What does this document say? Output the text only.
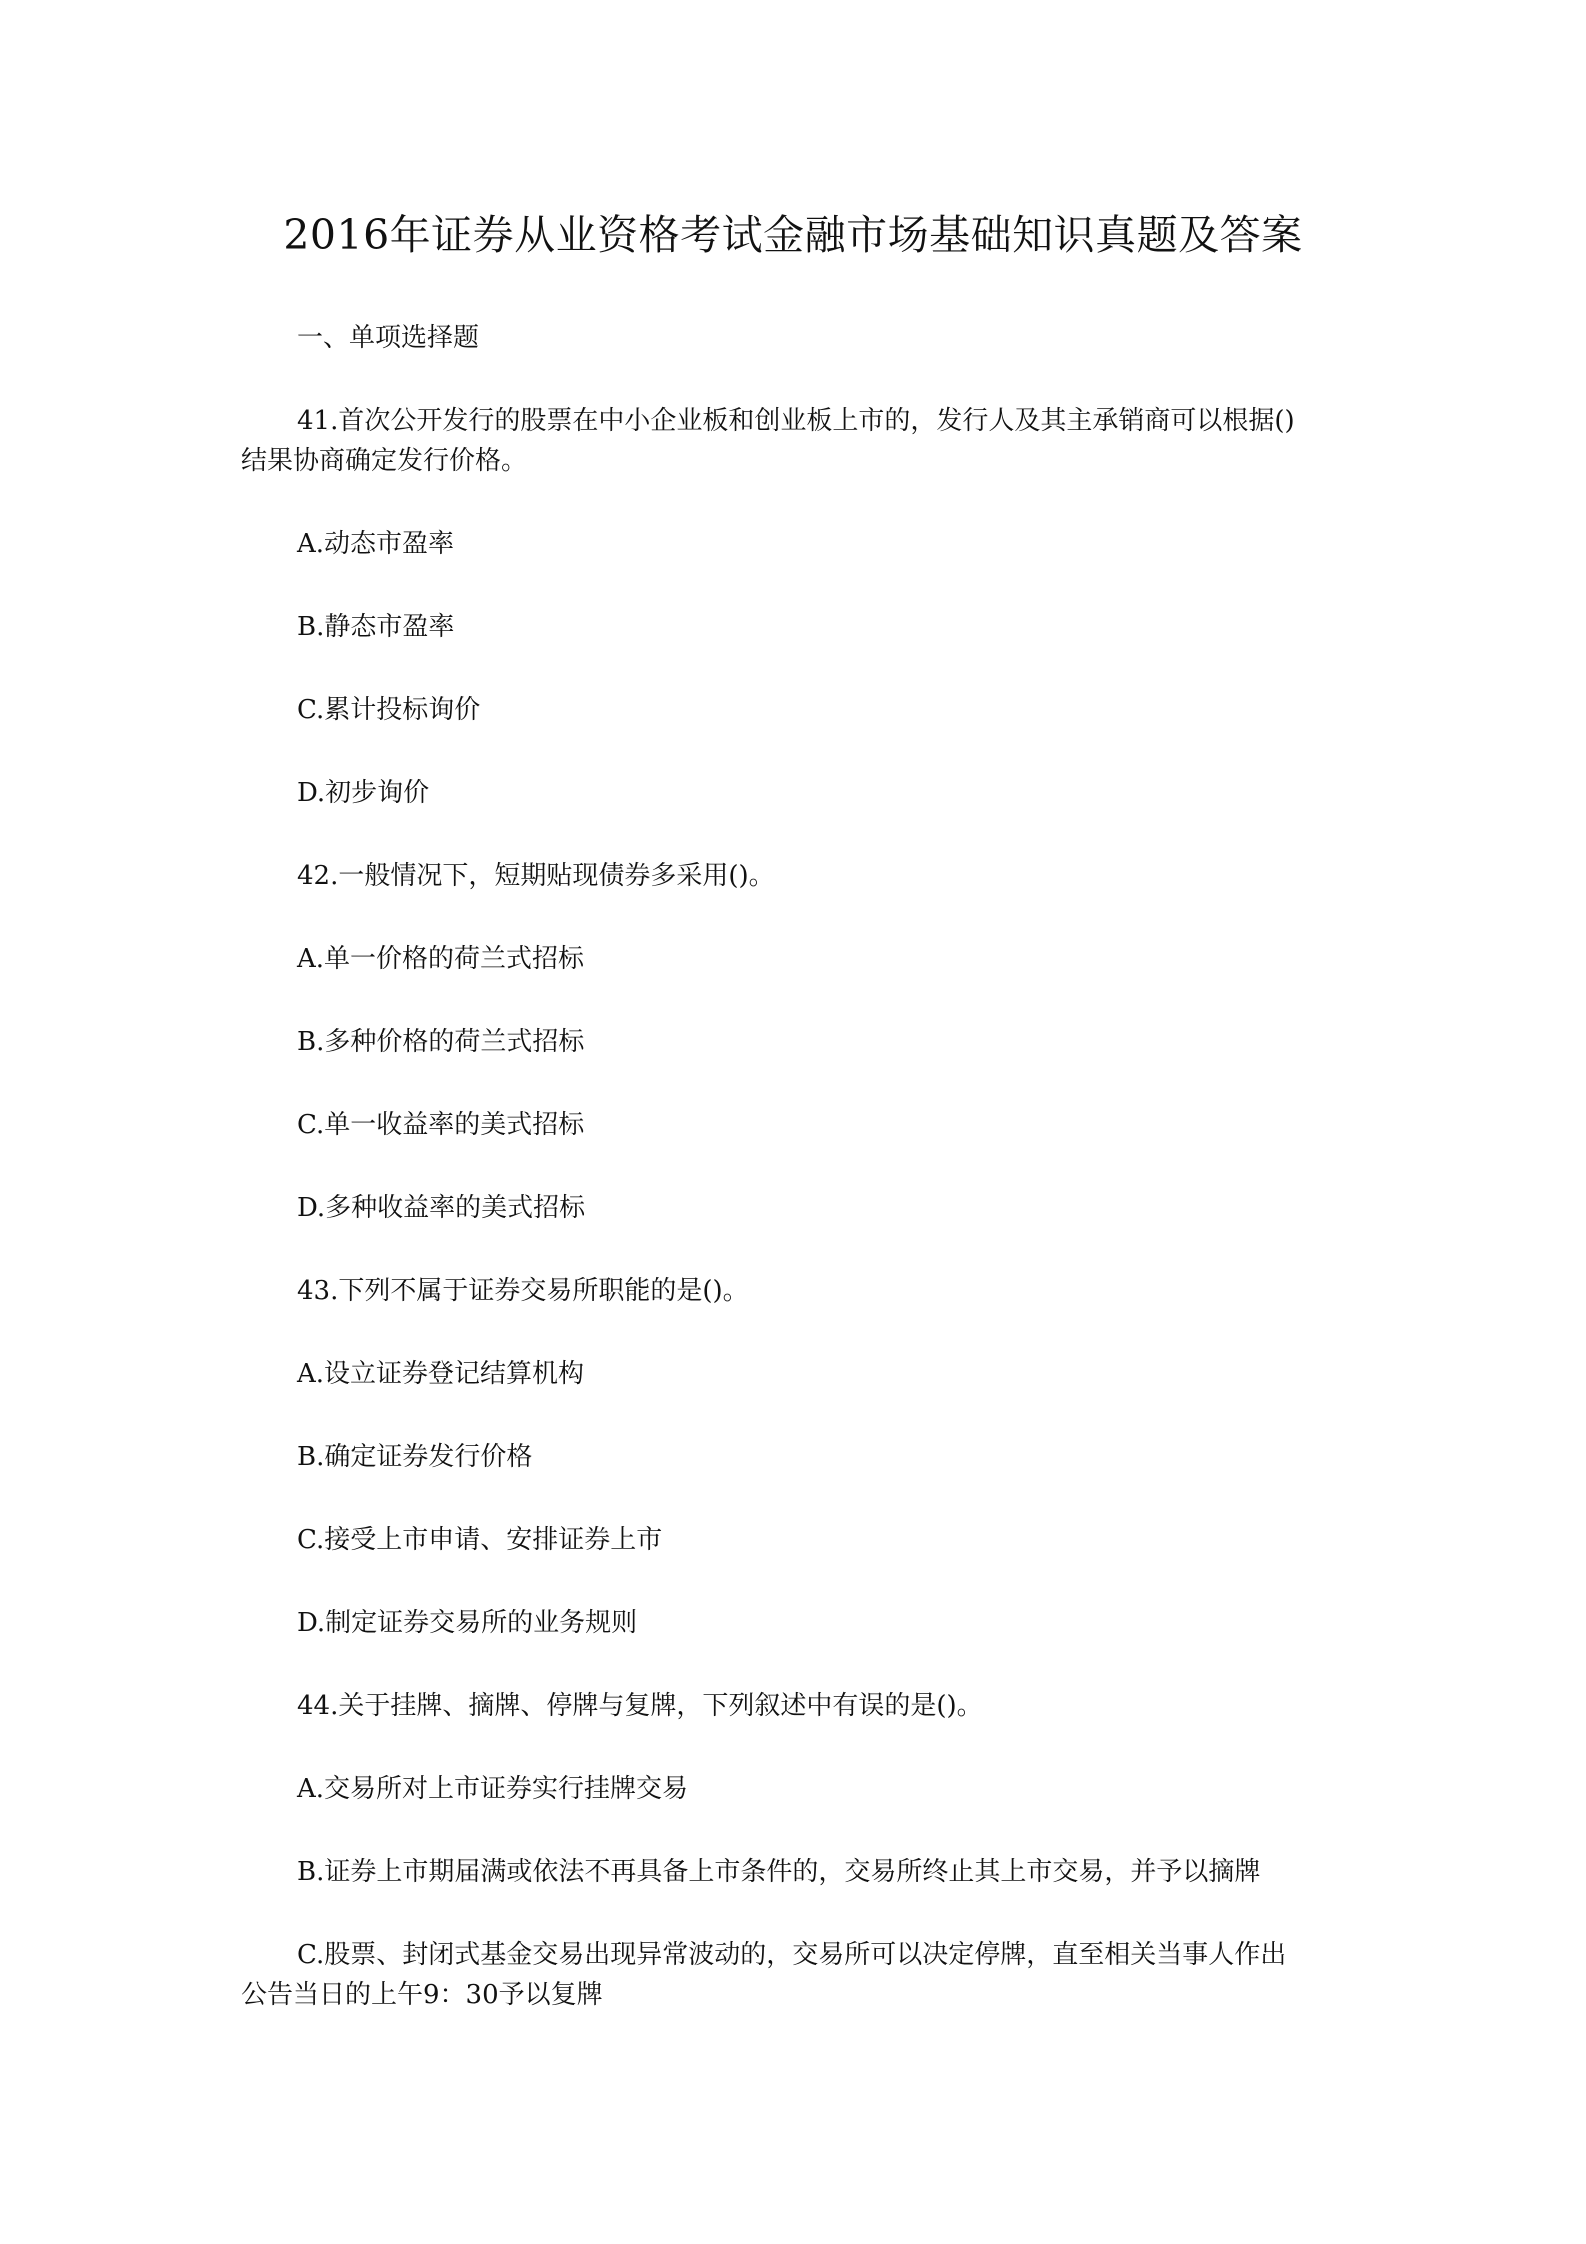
2016年证券从业资格考试金融市场基础知识真题及答案

一、单项选择题

41.首次公开发行的股票在中小企业板和创业板上市的，发行人及其主承销商可以根据()
结果协商确定发行价格。

A.动态市盈率

B.静态市盈率

C.累计投标询价

D.初步询价

42.一般情况下，短期贴现债券多采用()。

A.单一价格的荷兰式招标

B.多种价格的荷兰式招标

C.单一收益率的美式招标

D.多种收益率的美式招标

43.下列不属于证券交易所职能的是()。

A.设立证券登记结算机构

B.确定证券发行价格

C.接受上市申请、安排证券上市

D.制定证券交易所的业务规则

44.关于挂牌、摘牌、停牌与复牌，下列叙述中有误的是()。

A.交易所对上市证券实行挂牌交易

B.证券上市期届满或依法不再具备上市条件的，交易所终止其上市交易，并予以摘牌

C.股票、封闭式基金交易出现异常波动的，交易所可以决定停牌，直至相关当事人作出
公告当日的上午9：30予以复牌
